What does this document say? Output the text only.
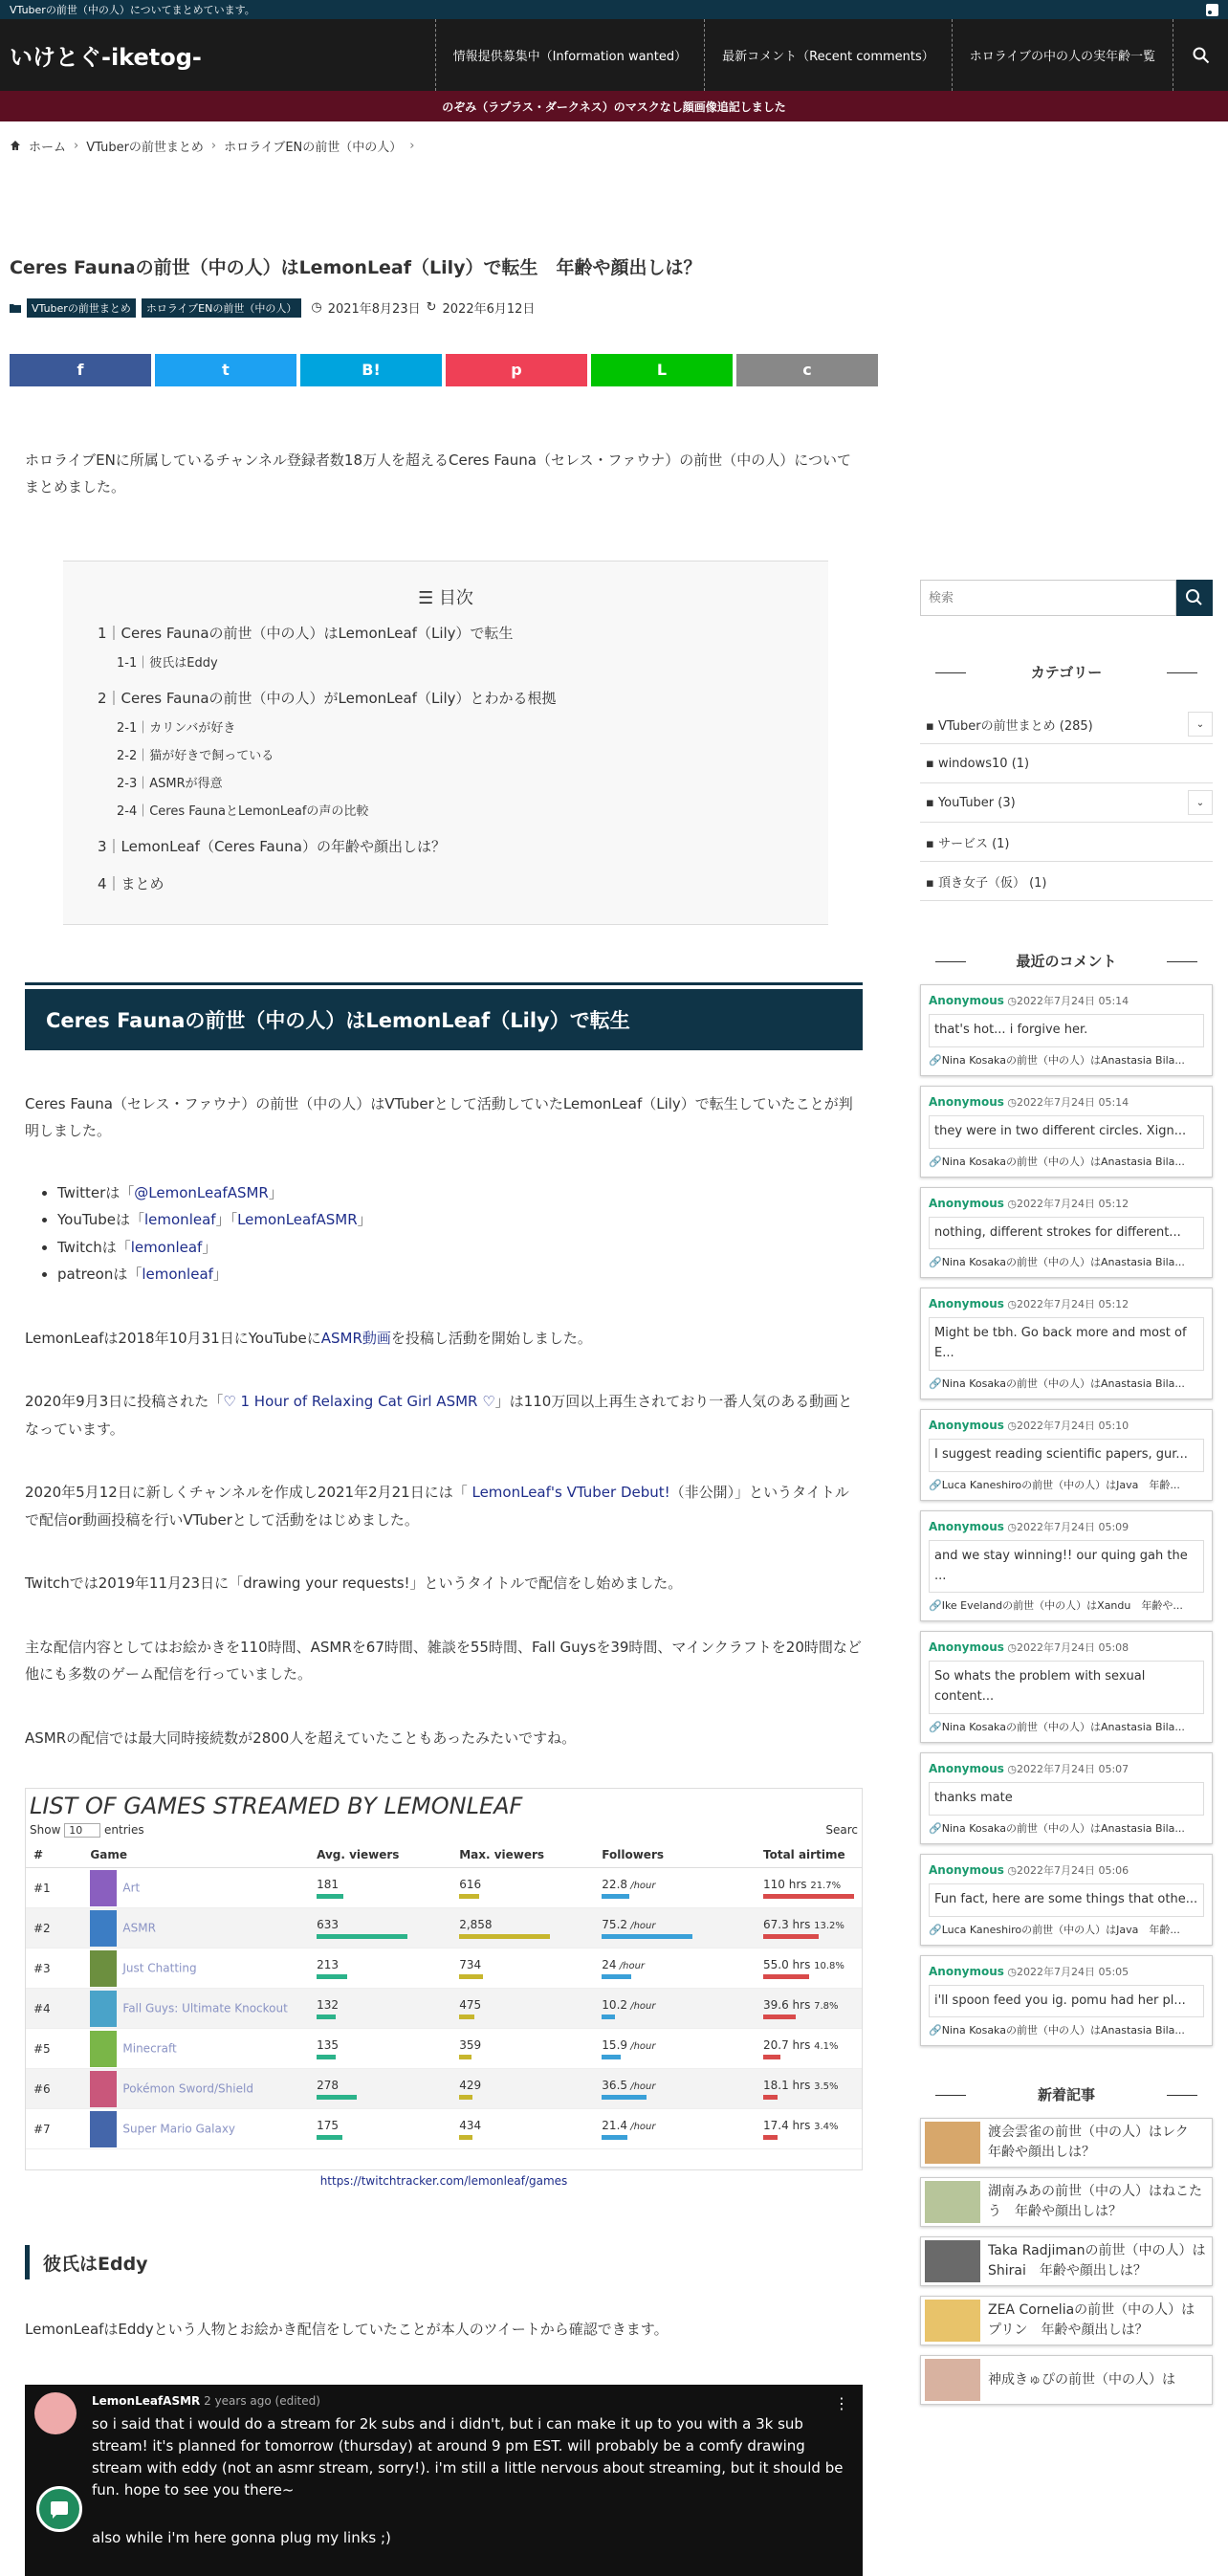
VTuberの前世（中の人）についてまとめています。
いけとぐ-iketog-	情報提供募集中（Information wanted）	最新コメント（Recent comments）	ホロライブの中の人の実年齢一覧
のぞみ（ラプラス・ダークネス）のマスクなし顔画像追記しました
ホーム › VTuberの前世まとめ › ホロライブENの前世（中の人） ›
Ceres Faunaの前世（中の人）はLemonLeaf（Lily）で転生　年齢や顔出しは？
VTuberの前世まとめ	ホロライブENの前世（中の人）	◷ 2021年8月23日 ↻ 2022年6月12日
f	t	B!	p	L	c

ホロライブENに所属しているチャンネル登録者数18万人を超えるCeres Fauna（セレス・ファウナ）の前世（中の人）についてまとめました。

☰ 目次
1｜Ceres Faunaの前世（中の人）はLemonLeaf（Lily）で転生
1-1｜彼氏はEddy
2｜Ceres Faunaの前世（中の人）がLemonLeaf（Lily）とわかる根拠
2-1｜カリンバが好き
2-2｜猫が好きで飼っている
2-3｜ASMRが得意
2-4｜Ceres FaunaとLemonLeafの声の比較
3｜LemonLeaf（Ceres Fauna）の年齢や顔出しは？
4｜まとめ
Ceres Faunaの前世（中の人）はLemonLeaf（Lily）で転生

Ceres Fauna（セレス・ファウナ）の前世（中の人）はVTuberとして活動していたLemonLeaf（Lily）で転生していたことが判明しました。

• Twitterは「@LemonLeafASMR」
• YouTubeは「lemonleaf」「LemonLeafASMR」
• Twitchは「lemonleaf」
• patreonは「lemonleaf」

LemonLeafは2018年10月31日にYouTubeにASMR動画を投稿し活動を開始しました。

2020年9月3日に投稿された「♡ 1 Hour of Relaxing Cat Girl ASMR ♡」は110万回以上再生されており一番人気のある動画となっています。

2020年5月12日に新しくチャンネルを作成し2021年2月21日には「 LemonLeaf's VTuber Debut!（非公開）」というタイトルで配信or動画投稿を行いVTuberとして活動をはじめました。

Twitchでは2019年11月23日に「drawing your requests!」というタイトルで配信をし始めました。

主な配信内容としてはお絵かきを110時間、ASMRを67時間、雑談を55時間、Fall Guysを39時間、マインクラフトを20時間など他にも多数のゲーム配信を行っていました。

ASMRの配信では最大同時接続数が2800人を超えていたこともあったみたいですね。

LIST OF GAMES STREAMED BY LEMONLEAF
Show 10 entries	Searc
#	Game	Avg. viewers	Max. viewers	Followers	Total airtime
#1	Art	181	616	22.8 /hour	110 hrs 21.7%

#2	ASMR	633	2,858	75.2 /hour	67.3 hrs 13.2%

#3	Just Chatting	213	734	24 /hour	55.0 hrs 10.8%

#4	Fall Guys: Ultimate Knockout	132	475	10.2 /hour	39.6 hrs 7.8%

#5	Minecraft	135	359	15.9 /hour	20.7 hrs 4.1%

#6	Pokémon Sword/Shield	278	429	36.5 /hour	18.1 hrs 3.5%

#7	Super Mario Galaxy	175	434	21.4 /hour	17.4 hrs 3.4%
https://twitchtracker.com/lemonleaf/games
彼氏はEddy

LemonLeafはEddyという人物とお絵かき配信をしていたことが本人のツイートから確認できます。

LemonLeafASMR 2 years ago (edited)	⋮
so i said that i would do a stream for 2k subs and i didn't, but i can make it up to you with a 3k sub stream! it's planned for tomorrow (thursday) at around 9 pm EST. will probably be a comfy drawing stream with eddy (not an asmr stream, sorry!). i'm still a little nervous about streaming, but it should be fun. hope to see you there~
also while i'm here gonna plug my links ;)
検索
カテゴリー
▪ VTuberの前世まとめ (285)	⌄
▪ windows10 (1)
▪ YouTuber (3)	⌄
▪ サービス (1)
▪ 頂き女子（仮） (1)
最近のコメント
Anonymous ◷2022年7月24日 05:14
that's hot... i forgive her.
🔗Nina Kosakaの前世（中の人）はAnastasia Bila...
Anonymous ◷2022年7月24日 05:14
they were in two different circles. Xign...
🔗Nina Kosakaの前世（中の人）はAnastasia Bila...
Anonymous ◷2022年7月24日 05:12
nothing, different strokes for different...
🔗Nina Kosakaの前世（中の人）はAnastasia Bila...
Anonymous ◷2022年7月24日 05:12
Might be tbh. Go back more and most of E...
🔗Nina Kosakaの前世（中の人）はAnastasia Bila...
Anonymous ◷2022年7月24日 05:10
I suggest reading scientific papers, gur...
🔗Luca Kaneshiroの前世（中の人）はJava　年齢...
Anonymous ◷2022年7月24日 05:09
and we stay winning!! our quing gah the ...
🔗Ike Evelandの前世（中の人）はXandu　年齢や...
Anonymous ◷2022年7月24日 05:08
So whats the problem with sexual content...
🔗Nina Kosakaの前世（中の人）はAnastasia Bila...
Anonymous ◷2022年7月24日 05:07
thanks mate
🔗Nina Kosakaの前世（中の人）はAnastasia Bila...
Anonymous ◷2022年7月24日 05:06
Fun fact, here are some things that othe...
🔗Luca Kaneshiroの前世（中の人）はJava　年齢...
Anonymous ◷2022年7月24日 05:05
i'll spoon feed you ig. pomu had her pl...
🔗Nina Kosakaの前世（中の人）はAnastasia Bila...
新着記事
渡会雲雀の前世（中の人）はレク　年齢や顔出しは？
湖南みあの前世（中の人）はねこたう　年齢や顔出しは？
Taka Radjimanの前世（中の人）はShirai　年齢や顔出しは？
ZEA Corneliaの前世（中の人）はプリン　年齢や顔出しは？
神成きゅぴの前世（中の人）は
